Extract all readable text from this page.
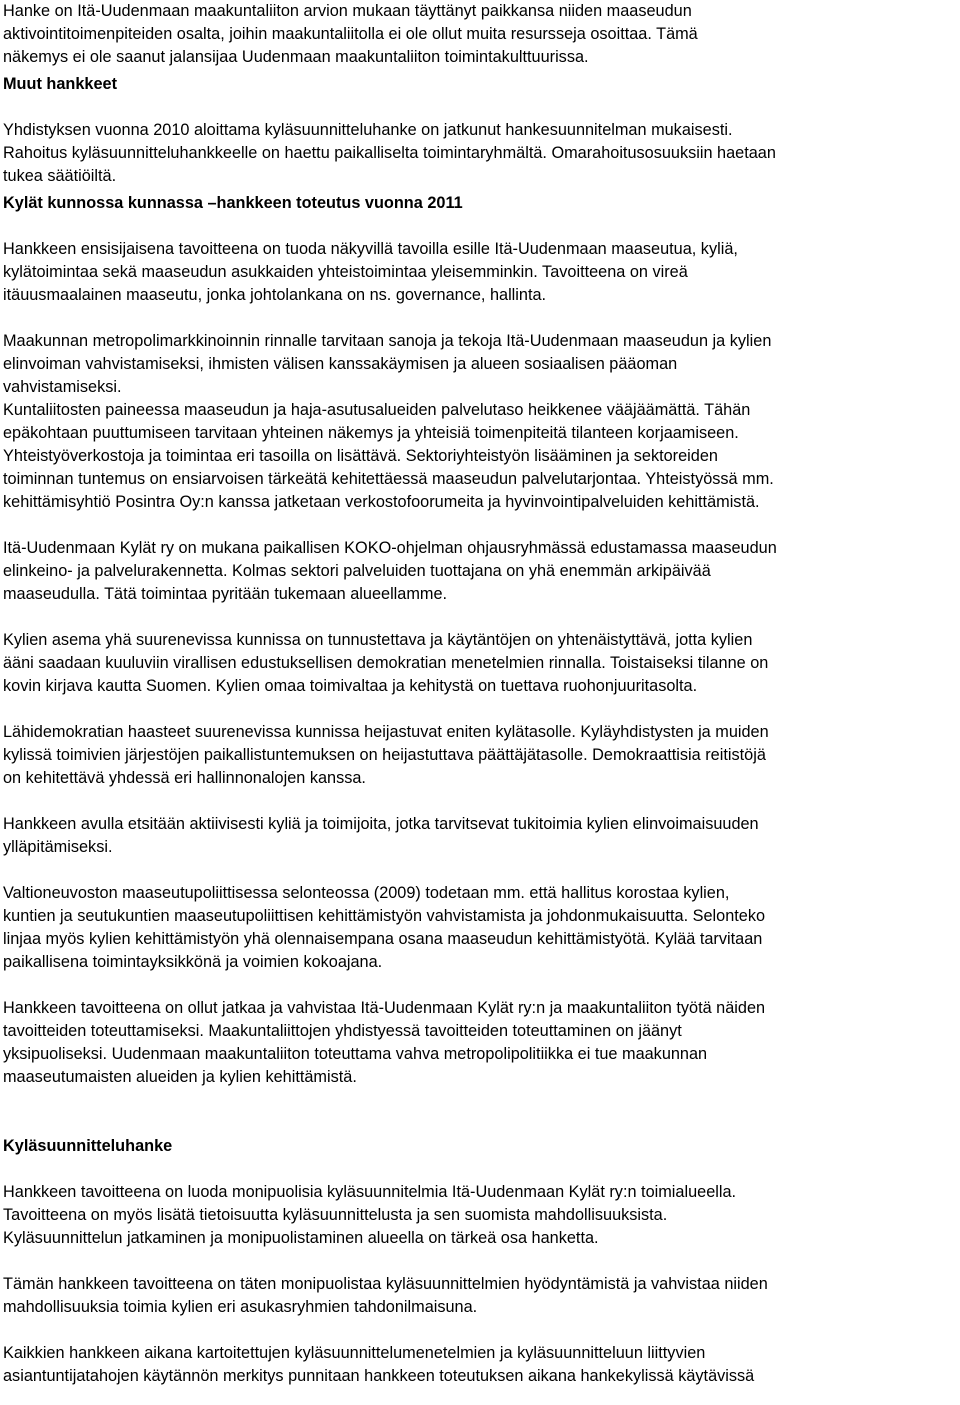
Hanke on Itä-Uudenmaan maakuntaliiton arvion mukaan täyttänyt paikkansa niiden maaseudun
aktivointitoimenpiteiden osalta, joihin maakuntaliitolla ei ole ollut muita resursseja osoittaa. Tämä
näkemys ei ole saanut jalansijaa Uudenmaan maakuntaliiton toimintakulttuurissa.
Muut hankkeet
Yhdistyksen vuonna 2010 aloittama kyläsuunnitteluhanke on jatkunut hankesuunnitelman mukaisesti.
Rahoitus kyläsuunnitteluhankkeelle on haettu paikalliselta toimintaryhmältä. Omarahoitusosuuksiin haetaan
tukea säätiöiltä.
Kylät kunnossa kunnassa –hankkeen toteutus vuonna 2011
Hankkeen ensisijaisena tavoitteena on tuoda näkyvillä tavoilla esille Itä-Uudenmaan maaseutua, kyliä,
kylätoimintaa sekä maaseudun asukkaiden yhteistoimintaa yleisemminkin. Tavoitteena on vireä
itäuusmaalainen maaseutu, jonka johtolankana on ns. governance, hallinta.
Maakunnan metropolimarkkinoinnin rinnalle tarvitaan sanoja ja tekoja Itä-Uudenmaan maaseudun ja kylien
elinvoiman vahvistamiseksi, ihmisten välisen kanssakäymisen ja alueen sosiaalisen pääoman
vahvistamiseksi.
Kuntaliitosten paineessa maaseudun ja haja-asutusalueiden palvelutaso heikkenee vääjäämättä. Tähän
epäkohtaan puuttumiseen tarvitaan yhteinen näkemys ja yhteisiä toimenpiteitä tilanteen korjaamiseen.
Yhteistyöverkostoja ja toimintaa eri tasoilla on lisättävä. Sektoriyhteistyön lisääminen ja sektoreiden
toiminnan tuntemus on ensiarvoisen tärkeätä kehitettäessä maaseudun palvelutarjontaa. Yhteistyössä mm.
kehittämisyhtiö Posintra Oy:n kanssa jatketaan verkostofoorumeita ja hyvinvointipalveluiden kehittämistä.
Itä-Uudenmaan Kylät ry on mukana paikallisen KOKO-ohjelman ohjausryhmässä edustamassa maaseudun
elinkeino- ja palvelurakennetta. Kolmas sektori palveluiden tuottajana on yhä enemmän arkipäivää
maaseudulla. Tätä toimintaa pyritään tukemaan alueellamme.
Kylien asema yhä suurenevissa kunnissa on tunnustettava ja käytäntöjen on yhtenäistyttävä, jotta kylien
ääni saadaan kuuluviin virallisen edustuksellisen demokratian menetelmien rinnalla. Toistaiseksi tilanne on
kovin kirjava kautta Suomen. Kylien omaa toimivaltaa ja kehitystä on tuettava ruohonjuuritasolta.
Lähidemokratian haasteet suurenevissa kunnissa heijastuvat eniten kylätasolle. Kyläyhdistysten ja muiden
kylissä toimivien järjestöjen paikallistuntemuksen on heijastuttava päättäjätasolle. Demokraattisia reitistöjä
on kehitettävä yhdessä eri hallinnonalojen kanssa.
Hankkeen avulla etsitään aktiivisesti kyliä ja toimijoita, jotka tarvitsevat tukitoimia kylien elinvoimaisuuden
ylläpitämiseksi.
Valtioneuvoston maaseutupoliittisessa selonteossa (2009) todetaan mm. että hallitus korostaa kylien,
kuntien ja seutukuntien maaseutupoliittisen kehittämistyön vahvistamista ja johdonmukaisuutta. Selonteko
linjaa myös kylien kehittämistyön yhä olennaisempana osana maaseudun kehittämistyötä. Kylää tarvitaan
paikallisena toimintayksikkönä ja voimien kokoajana.
Hankkeen tavoitteena on ollut jatkaa ja vahvistaa Itä-Uudenmaan Kylät ry:n ja maakuntaliiton työtä näiden
tavoitteiden toteuttamiseksi. Maakuntaliittojen yhdistyessä tavoitteiden toteuttaminen on jäänyt
yksipuoliseksi. Uudenmaan maakuntaliiton toteuttama vahva metropolipolitiikka ei tue maakunnan
maaseutumaisten alueiden ja kylien kehittämistä.
Kyläsuunnitteluhanke
Hankkeen tavoitteena on luoda monipuolisia kyläsuunnitelmia Itä-Uudenmaan Kylät ry:n toimialueella.
Tavoitteena on myös lisätä tietoisuutta kyläsuunnittelusta ja sen suomista mahdollisuuksista.
Kyläsuunnittelun jatkaminen ja monipuolistaminen alueella on tärkeä osa hanketta.
Tämän hankkeen tavoitteena on täten monipuolistaa kyläsuunnittelmien hyödyntämistä ja vahvistaa niiden
mahdollisuuksia toimia kylien eri asukasryhmien tahdonilmaisuna.
Kaikkien hankkeen aikana kartoitettujen kyläsuunnittelumenetelmien ja kyläsuunnitteluun liittyvien
asiantuntijatahojen käytännön merkitys punnitaan hankkeen toteutuksen aikana hankekylissä käytävissä
